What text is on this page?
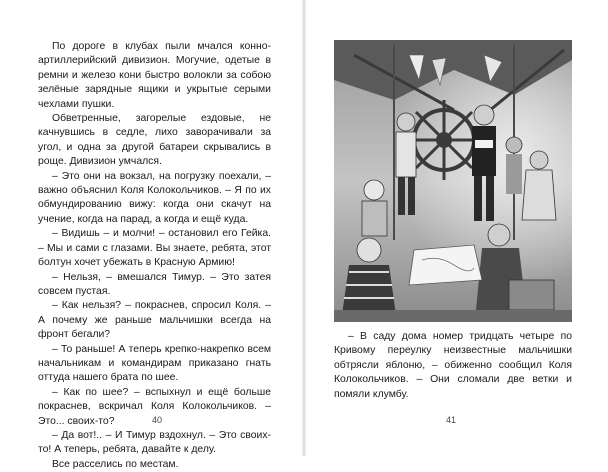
По дороге в клубах пыли мчался конно-артиллерийский дивизион. Могучие, одетые в ремни и железо кони быстро волокли за собою зелёные зарядные ящики и укрытые серыми чехлами пушки.

Обветренные, загорелые ездовые, не качнувшись в седле, лихо заворачивали за угол, и одна за другой батареи скрывались в роще. Дивизион умчался.

– Это они на вокзал, на погрузку поехали, – важно объяснил Коля Колокольчиков. – Я по их обмундированию вижу: когда они скачут на учение, когда на парад, а когда и ещё куда.

– Видишь – и молчи! – остановил его Гейка. – Мы и сами с глазами. Вы знаете, ребята, этот болтун хочет убежать в Красную Армию!

– Нельзя, – вмешался Тимур. – Это затея совсем пустая.

– Как нельзя? – покраснев, спросил Коля. – А почему же раньше мальчишки всегда на фронт бегали?

– То раньше! А теперь крепко-накрепко всем начальникам и командирам приказано гнать оттуда нашего брата по шее.

– Как по шее? – вспыхнул и ещё больше покраснев, вскричал Коля Колокольчиков. – Это... своих-то?

– Да вот!.. – И Тимур вздохнул. – Это своих-то! А теперь, ребята, давайте к делу.

Все расселись по местам.

40

– В саду дома номер тридцать четыре по Кривому переулку неизвестные мальчишки обтрясли яблоню, – обиженно сообщил Коля Колокольчиков. – Они сломали две ветки и помяли клумбу.

41
